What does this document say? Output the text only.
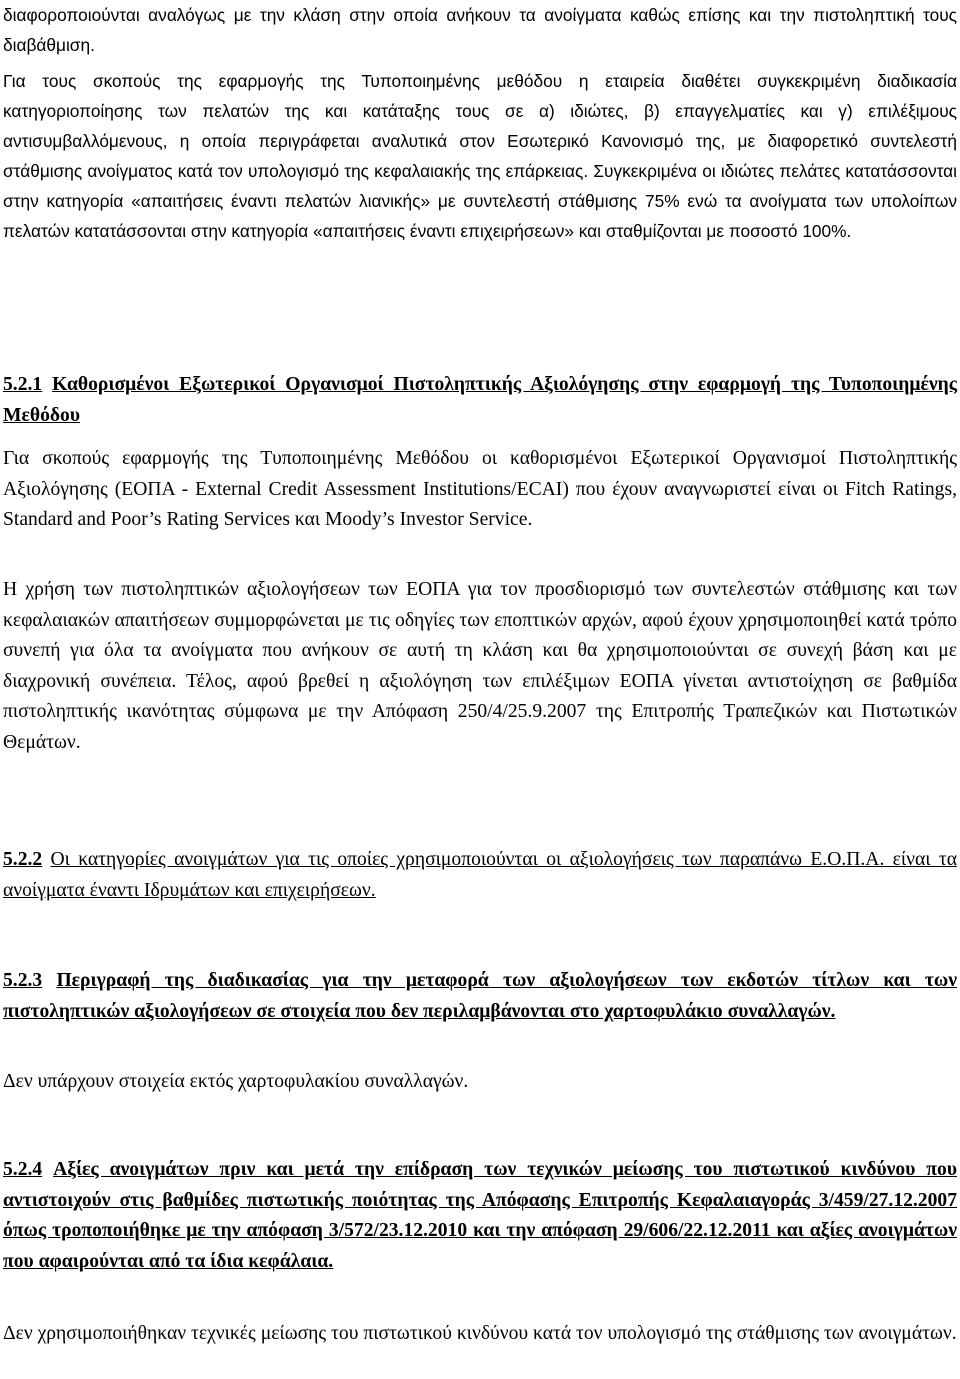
διαφοροποιούνται αναλόγως με την κλάση στην οποία ανήκουν τα ανοίγματα καθώς επίσης και την πιστοληπτική τους διαβάθμιση.

Για τους σκοπούς της εφαρμογής της Τυποποιημένης μεθόδου η εταιρεία διαθέτει συγκεκριμένη διαδικασία κατηγοριοποίησης των πελατών της και κατάταξης τους σε α) ιδιώτες, β) επαγγελματίες και γ) επιλέξιμους αντισυμβαλλόμενους, η οποία περιγράφεται αναλυτικά στον Εσωτερικό Κανονισμό της, με διαφορετικό συντελεστή στάθμισης ανοίγματος κατά τον υπολογισμό της κεφαλαιακής της επάρκειας. Συγκεκριμένα οι ιδιώτες πελάτες κατατάσσονται στην κατηγορία «απαιτήσεις έναντι πελατών λιανικής» με συντελεστή στάθμισης 75% ενώ τα ανοίγματα των υπολοίπων πελατών κατατάσσονται στην κατηγορία «απαιτήσεις έναντι επιχειρήσεων» και σταθμίζονται με ποσοστό 100%.

5.2.1 Καθορισμένοι Εξωτερικοί Οργανισμοί Πιστοληπτικής Αξιολόγησης στην εφαρμογή της Τυποποιημένης Μεθόδου

Για σκοπούς εφαρμογής της Τυποποιημένης Μεθόδου οι καθορισμένοι Εξωτερικοί Οργανισμοί Πιστοληπτικής Αξιολόγησης (ΕΟΠΑ - External Credit Assessment Institutions/ECAI) που έχουν αναγνωριστεί είναι οι Fitch Ratings, Standard and Poor’s Rating Services και Moody’s Investor Service.

Η χρήση των πιστοληπτικών αξιολογήσεων των ΕΟΠΑ για τον προσδιορισμό των συντελεστών στάθμισης και των κεφαλαιακών απαιτήσεων συμμορφώνεται με τις οδηγίες των εποπτικών αρχών, αφού έχουν χρησιμοποιηθεί κατά τρόπο συνεπή για όλα τα ανοίγματα που ανήκουν σε αυτή τη κλάση και θα χρησιμοποιούνται σε συνεχή βάση και με διαχρονική συνέπεια. Τέλος, αφού βρεθεί η αξιολόγηση των επιλέξιμων ΕΟΠΑ γίνεται αντιστοίχηση σε βαθμίδα πιστοληπτικής ικανότητας σύμφωνα με την Απόφαση 250/4/25.9.2007 της Επιτροπής Τραπεζικών και Πιστωτικών Θεμάτων.

5.2.2 Οι κατηγορίες ανοιγμάτων για τις οποίες χρησιμοποιούνται οι αξιολογήσεις των παραπάνω Ε.Ο.Π.Α. είναι τα ανοίγματα έναντι Ιδρυμάτων και επιχειρήσεων.

5.2.3 Περιγραφή της διαδικασίας για την μεταφορά των αξιολογήσεων των εκδοτών τίτλων και των πιστοληπτικών αξιολογήσεων σε στοιχεία που δεν περιλαμβάνονται στο χαρτοφυλάκιο συναλλαγών.

Δεν υπάρχουν στοιχεία εκτός χαρτοφυλακίου συναλλαγών.

5.2.4 Αξίες ανοιγμάτων πριν και μετά την επίδραση των τεχνικών μείωσης του πιστωτικού κινδύνου που αντιστοιχούν στις βαθμίδες πιστωτικής ποιότητας της Απόφασης Επιτροπής Κεφαλαιαγοράς 3/459/27.12.2007 όπως τροποποιήθηκε με την απόφαση 3/572/23.12.2010 και την απόφαση 29/606/22.12.2011 και αξίες ανοιγμάτων που αφαιρούνται από τα ίδια κεφάλαια.

Δεν χρησιμοποιήθηκαν τεχνικές μείωσης του πιστωτικού κινδύνου κατά τον υπολογισμό της στάθμισης των ανοιγμάτων.
